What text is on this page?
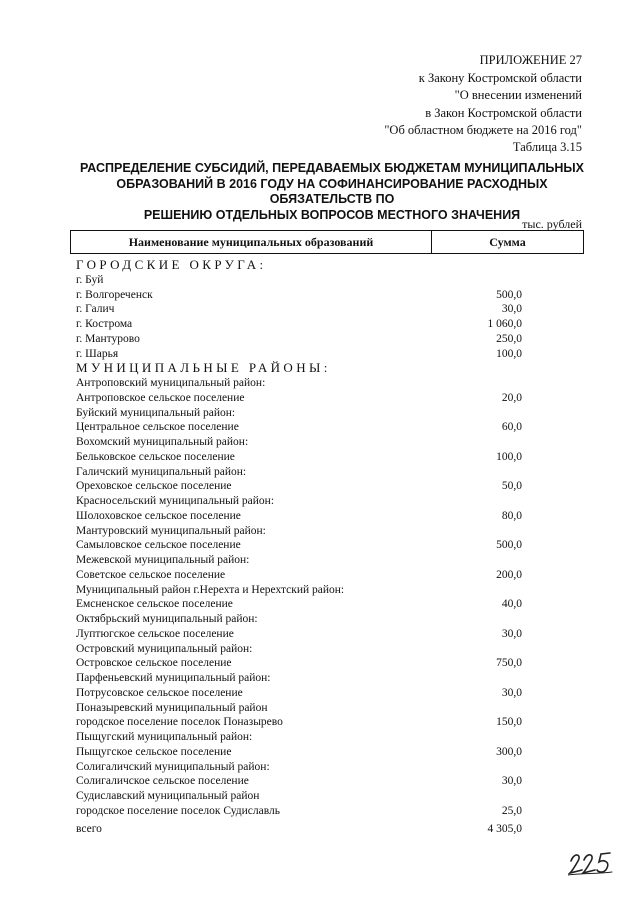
ПРИЛОЖЕНИЕ 27
к Закону Костромской области
"О внесении изменений
в Закон Костромской области
"Об областном бюджете на 2016 год"
Таблица 3.15
РАСПРЕДЕЛЕНИЕ СУБСИДИЙ, ПЕРЕДАВАЕМЫХ БЮДЖЕТАМ МУНИЦИПАЛЬНЫХ
ОБРАЗОВАНИЙ В 2016 ГОДУ НА СОФИНАНСИРОВАНИЕ РАСХОДНЫХ ОБЯЗАТЕЛЬСТВ ПО
РЕШЕНИЮ ОТДЕЛЬНЫХ ВОПРОСОВ МЕСТНОГО ЗНАЧЕНИЯ
тыс. рублей
Наименование муниципальных образований	Сумма
ГОРОДСКИЕ ОКРУГА:
г. Буй
г. Волгореченск	500,0
г. Галич	30,0
г. Кострома	1 060,0
г. Мантурово	250,0
г. Шарья	100,0
МУНИЦИПАЛЬНЫЕ РАЙОНЫ:
Антропoвский муниципальный район:
Антроповское сельское поселение	20,0
Буйский муниципальный район:
Центральное сельское поселение	60,0
Вохомский муниципальный район:
Бельковское сельское поселение	100,0
Галичский муниципальный район:
Ореховское сельское поселение	50,0
Красносельский муниципальный район:
Шолоховское сельское поселение	80,0
Мантуровский муниципальный район:
Самыловское сельское поселение	500,0
Межевской муниципальный район:
Советское сельское поселение	200,0
Муниципальный район г.Нерехта и Нерехтский район:
Емсненское сельское поселение	40,0
Октябрьский муниципальный район:
Луптюгское сельское поселение	30,0
Островский муниципальный район:
Островское сельское поселение	750,0
Парфеньевский муниципальный район:
Потрусовское сельское поселение	30,0
Поназыревский муниципальный район
городское поселение поселок Поназырево	150,0
Пыщугский муниципальный район:
Пыщугское сельское поселение	300,0
Солигаличский муниципальный район:
Солигаличское сельское поселение	30,0
Судиславский муниципальный район
городское поселение поселок Судиславль	25,0
всего	4 305,0
